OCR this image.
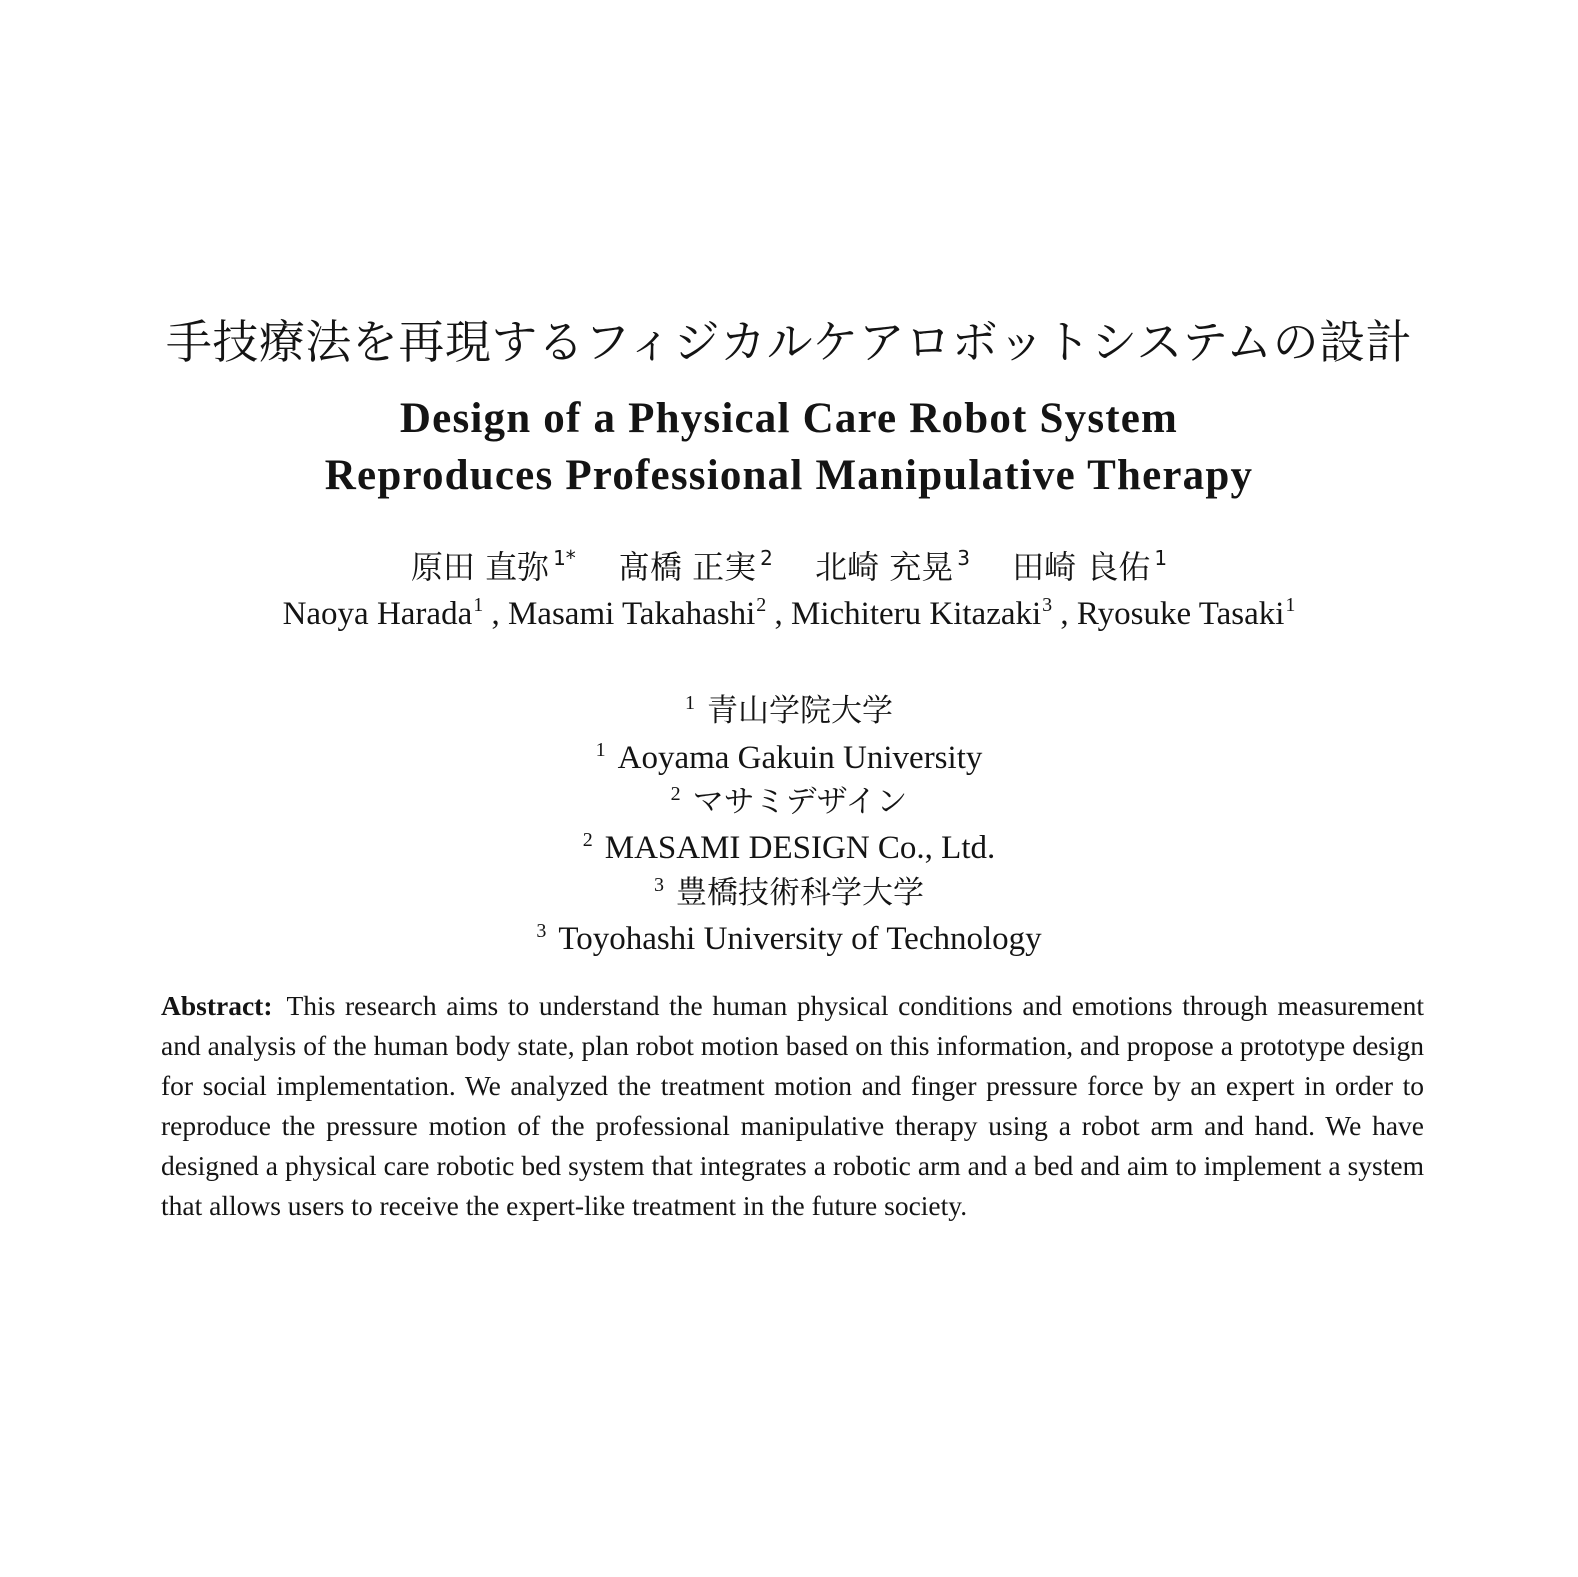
手技療法を再現するフィジカルケアロボットシステムの設計
Design of a Physical Care Robot System
Reproduces Professional Manipulative Therapy
原田 直弥 $^{1*}$ 髙橋 正実 $^2$ 北崎 充晃 $^3$ 田崎 良佑 $^1$
Naoya Harada$^1$ , Masami Takahashi$^2$ , Michiteru Kitazaki$^3$ , Ryosuke Tasaki$^1$
$^1$ 青山学院大学
$^1$ Aoyama Gakuin University
$^2$ マサミデザイン
$^2$ MASAMI DESIGN Co., Ltd.
$^3$ 豊橋技術科学大学
$^3$ Toyohashi University of Technology
Abstract: This research aims to understand the human physical conditions and emotions through measurement and analysis of the human body state, plan robot motion based on this information, and propose a prototype design for social implementation. We analyzed the treatment motion and finger pressure force by an expert in order to reproduce the pressure motion of the professional manipulative therapy using a robot arm and hand. We have designed a physical care robotic bed system that integrates a robotic arm and a bed and aim to implement a system that allows users to receive the expert-like treatment in the future society.
